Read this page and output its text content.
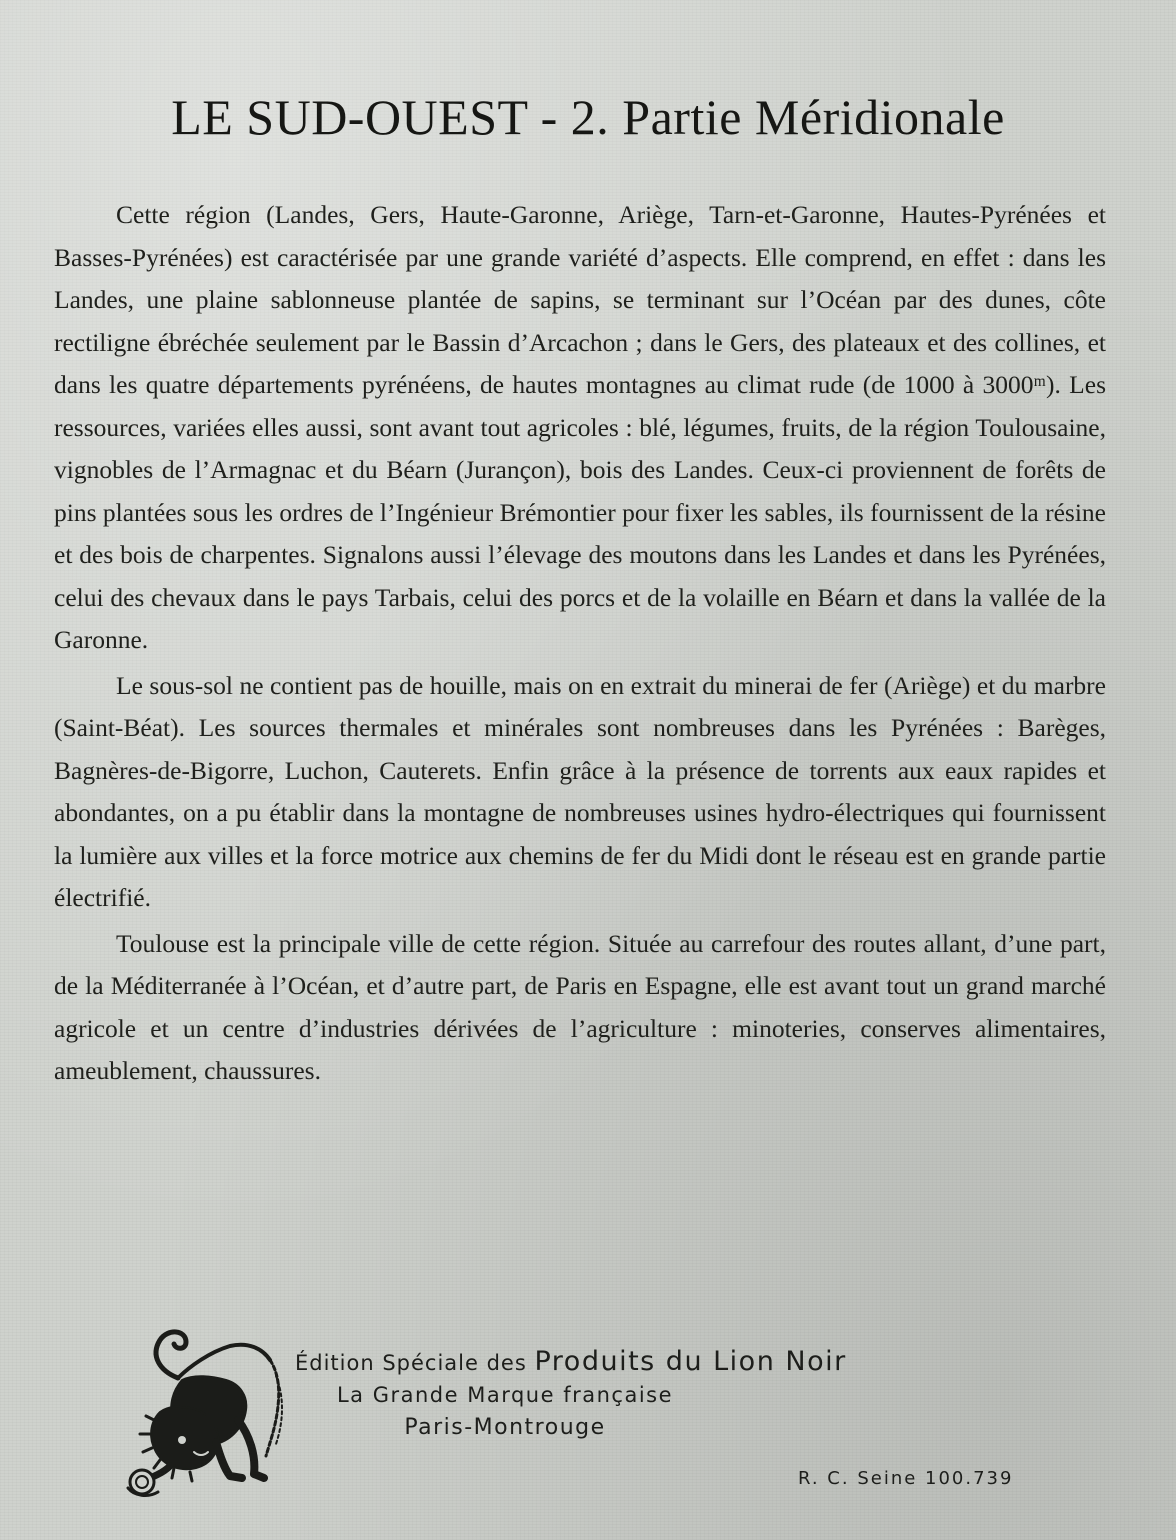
LE SUD-OUEST - 2. Partie Méridionale

Cette région (Landes, Gers, Haute-Garonne, Ariège, Tarn-et-Garonne, Hautes-Pyrénées et Basses-Pyrénées) est caractérisée par une grande variété d’aspects. Elle comprend, en effet : dans les Landes, une plaine sablonneuse plantée de sapins, se terminant sur l’Océan par des dunes, côte rectiligne ébréchée seulement par le Bassin d’Arcachon ; dans le Gers, des plateaux et des collines, et dans les quatre départements pyrénéens, de hautes montagnes au climat rude (de 1000 à 3000ᵐ). Les ressources, variées elles aussi, sont avant tout agricoles : blé, légumes, fruits, de la région Toulousaine, vignobles de l’Armagnac et du Béarn (Jurançon), bois des Landes. Ceux-ci proviennent de forêts de pins plantées sous les ordres de l’Ingénieur Brémontier pour fixer les sables, ils fournissent de la résine et des bois de charpentes. Signalons aussi l’élevage des moutons dans les Landes et dans les Pyrénées, celui des chevaux dans le pays Tarbais, celui des porcs et de la volaille en Béarn et dans la vallée de la Garonne.

Le sous-sol ne contient pas de houille, mais on en extrait du minerai de fer (Ariège) et du marbre (Saint-Béat). Les sources thermales et minérales sont nombreuses dans les Pyrénées : Barèges, Bagnères-de-Bigorre, Luchon, Cauterets. Enfin grâce à la présence de torrents aux eaux rapides et abondantes, on a pu établir dans la montagne de nombreuses usines hydro-électriques qui fournissent la lumière aux villes et la force motrice aux chemins de fer du Midi dont le réseau est en grande partie électrifié.

Toulouse est la principale ville de cette région. Située au carrefour des routes allant, d’une part, de la Méditerranée à l’Océan, et d’autre part, de Paris en Espagne, elle est avant tout un grand marché agricole et un centre d’industries dérivées de l’agriculture : minoteries, conserves alimentaires, ameublement, chaussures.

Édition Spéciale des Produits du Lion Noir
La Grande Marque française
Paris-Montrouge
R. C. Seine 100.739
